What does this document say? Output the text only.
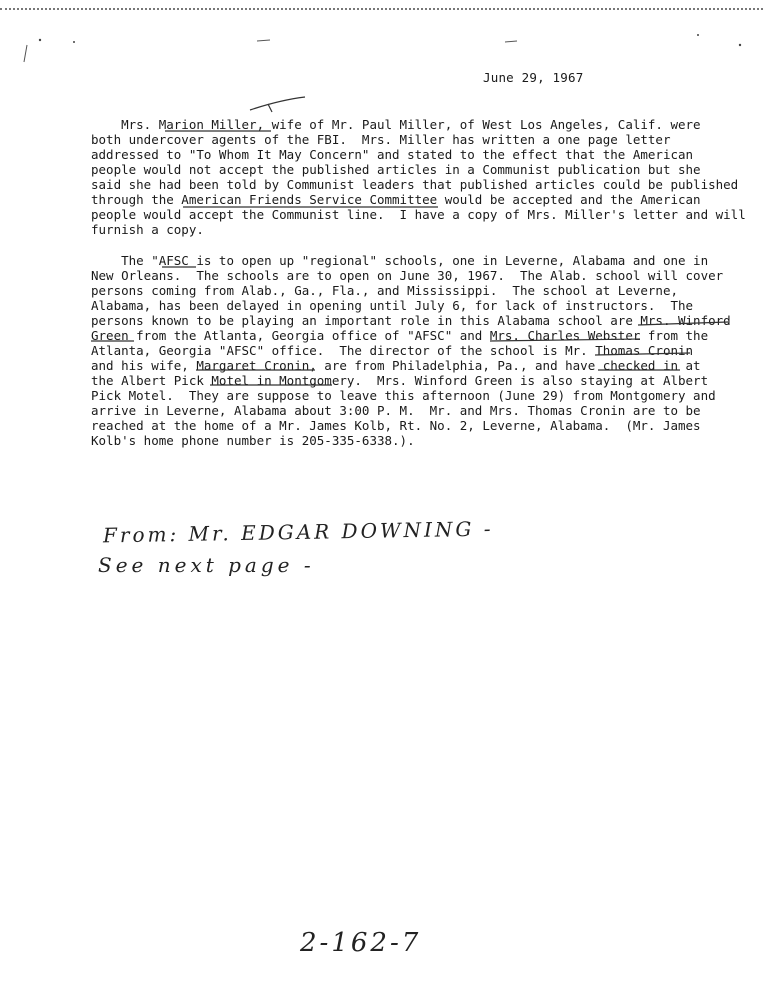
June 29, 1967

Mrs. Marion Miller, wife of Mr. Paul Miller, of West Los Angeles, Calif. were
both undercover agents of the FBI.  Mrs. Miller has written a one page letter
addressed to "To Whom It May Concern" and stated to the effect that the American
people would not accept the published articles in a Communist publication but she
said she had been told by Communist leaders that published articles could be published
through the American Friends Service Committee would be accepted and the American
people would accept the Communist line.  I have a copy of Mrs. Miller's letter and will
furnish a copy.

The "AFSC is to open up "regional" schools, one in Leverne, Alabama and one in
New Orleans.  The schools are to open on June 30, 1967.  The Alab. school will cover
persons coming from Alab., Ga., Fla., and Mississippi.  The school at Leverne,
Alabama, has been delayed in opening until July 6, for lack of instructors.  The
persons known to be playing an important role in this Alabama school are Mrs. Winford
Green from the Atlanta, Georgia office of "AFSC" and Mrs. Charles Webster from the
Atlanta, Georgia "AFSC" office.  The director of the school is Mr. Thomas Cronin
and his wife, Margaret Cronin, are from Philadelphia, Pa., and have checked in at
the Albert Pick Motel in Montgomery.  Mrs. Winford Green is also staying at Albert
Pick Motel.  They are suppose to leave this afternoon (June 29) from Montgomery and
arrive in Leverne, Alabama about 3:00 P. M.  Mr. and Mrs. Thomas Cronin are to be
reached at the home of a Mr. James Kolb, Rt. No. 2, Leverne, Alabama.  (Mr. James
Kolb's home phone number is 205-335-6338.).

From: Mr. EDGAR DOWNING -
See next page -
2-162-7
